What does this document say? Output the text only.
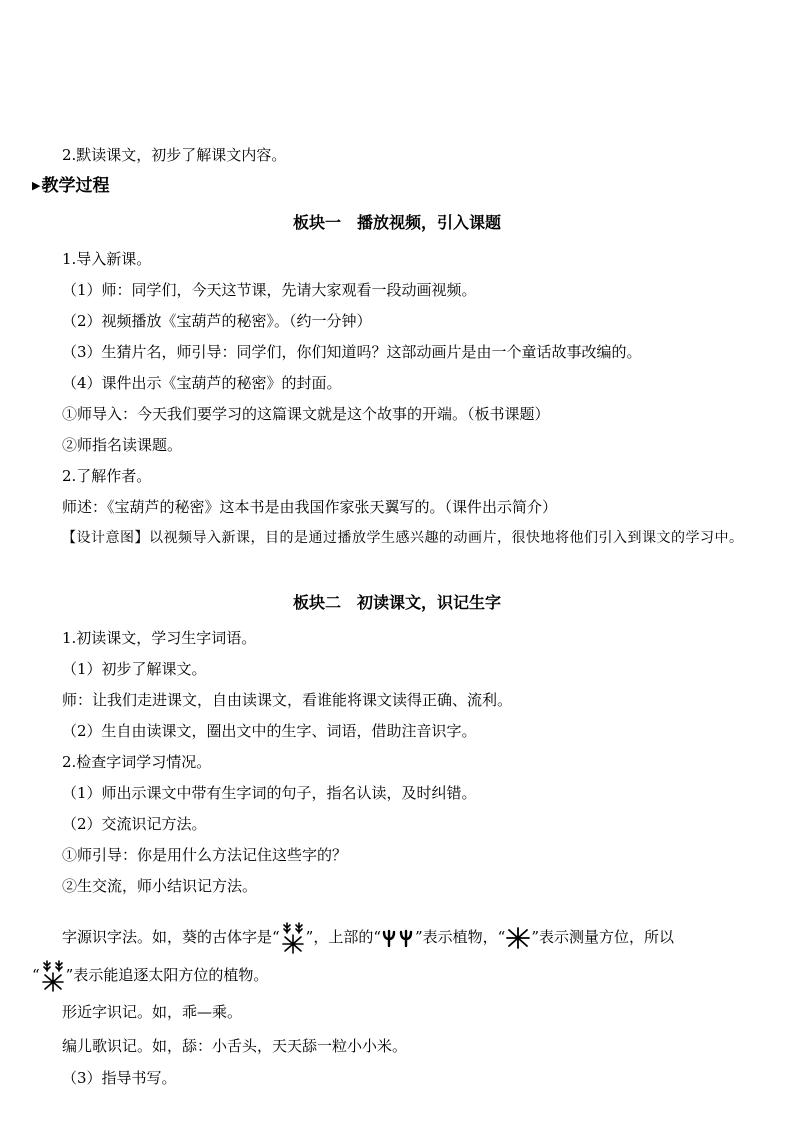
2.默读课文，初步了解课文内容。
▶教学过程
板块一　播放视频，引入课题
1.导入新课。
（1）师：同学们，今天这节课，先请大家观看一段动画视频。
（2）视频播放《宝葫芦的秘密》。（约一分钟）
（3）生猜片名，师引导：同学们，你们知道吗？这部动画片是由一个童话故事改编的。
（4）课件出示《宝葫芦的秘密》的封面。
①师导入：今天我们要学习的这篇课文就是这个故事的开端。（板书课题）
②师指名读课题。
2.了解作者。
师述：《宝葫芦的秘密》这本书是由我国作家张天翼写的。（课件出示简介）
【设计意图】以视频导入新课，目的是通过播放学生感兴趣的动画片，很快地将他们引入到课文的学习中。
板块二　初读课文，识记生字
1.初读课文，学习生字词语。
（1）初步了解课文。
师：让我们走进课文，自由读课文，看谁能将课文读得正确、流利。
（2）生自由读课文，圈出文中的生字、词语，借助注音识字。
2.检查字词学习情况。
（1）师出示课文中带有生字词的句子，指名认读，及时纠错。
（2）交流识记方法。
①师引导：你是用什么方法记住这些字的？
②生交流，师小结识记方法。
字源识字法。如，葵的古体字是“ ”，上部的“ ”表示植物，“ ”表示测量方位，所以
“ ”表示能追逐太阳方位的植物。
形近字识记。如，乖—乘。
编儿歌识记。如，舔：小舌头，天天舔一粒小小米。
（3）指导书写。
